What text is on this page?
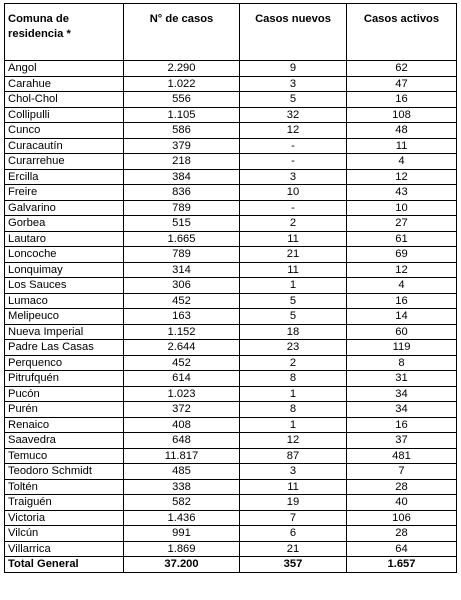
Comuna de residencia *	N° de casos	Casos nuevos	Casos activos
Angol	2.290	9	62
Carahue	1.022	3	47
Chol-Chol	556	5	16
Collipulli	1.105	32	108
Cunco	586	12	48
Curacautín	379	-	11
Curarrehue	218	-	4
Ercilla	384	3	12
Freire	836	10	43
Galvarino	789	-	10
Gorbea	515	2	27
Lautaro	1.665	11	61
Loncoche	789	21	69
Lonquimay	314	11	12
Los Sauces	306	1	4
Lumaco	452	5	16
Melipeuco	163	5	14
Nueva Imperial	1.152	18	60
Padre Las Casas	2.644	23	119
Perquenco	452	2	8
Pitrufquén	614	8	31
Pucón	1.023	1	34
Purén	372	8	34
Renaico	408	1	16
Saavedra	648	12	37
Temuco	11.817	87	481
Teodoro Schmidt	485	3	7
Toltén	338	11	28
Traiguén	582	19	40
Victoria	1.436	7	106
Vilcún	991	6	28
Villarrica	1.869	21	64
Total General	37.200	357	1.657
